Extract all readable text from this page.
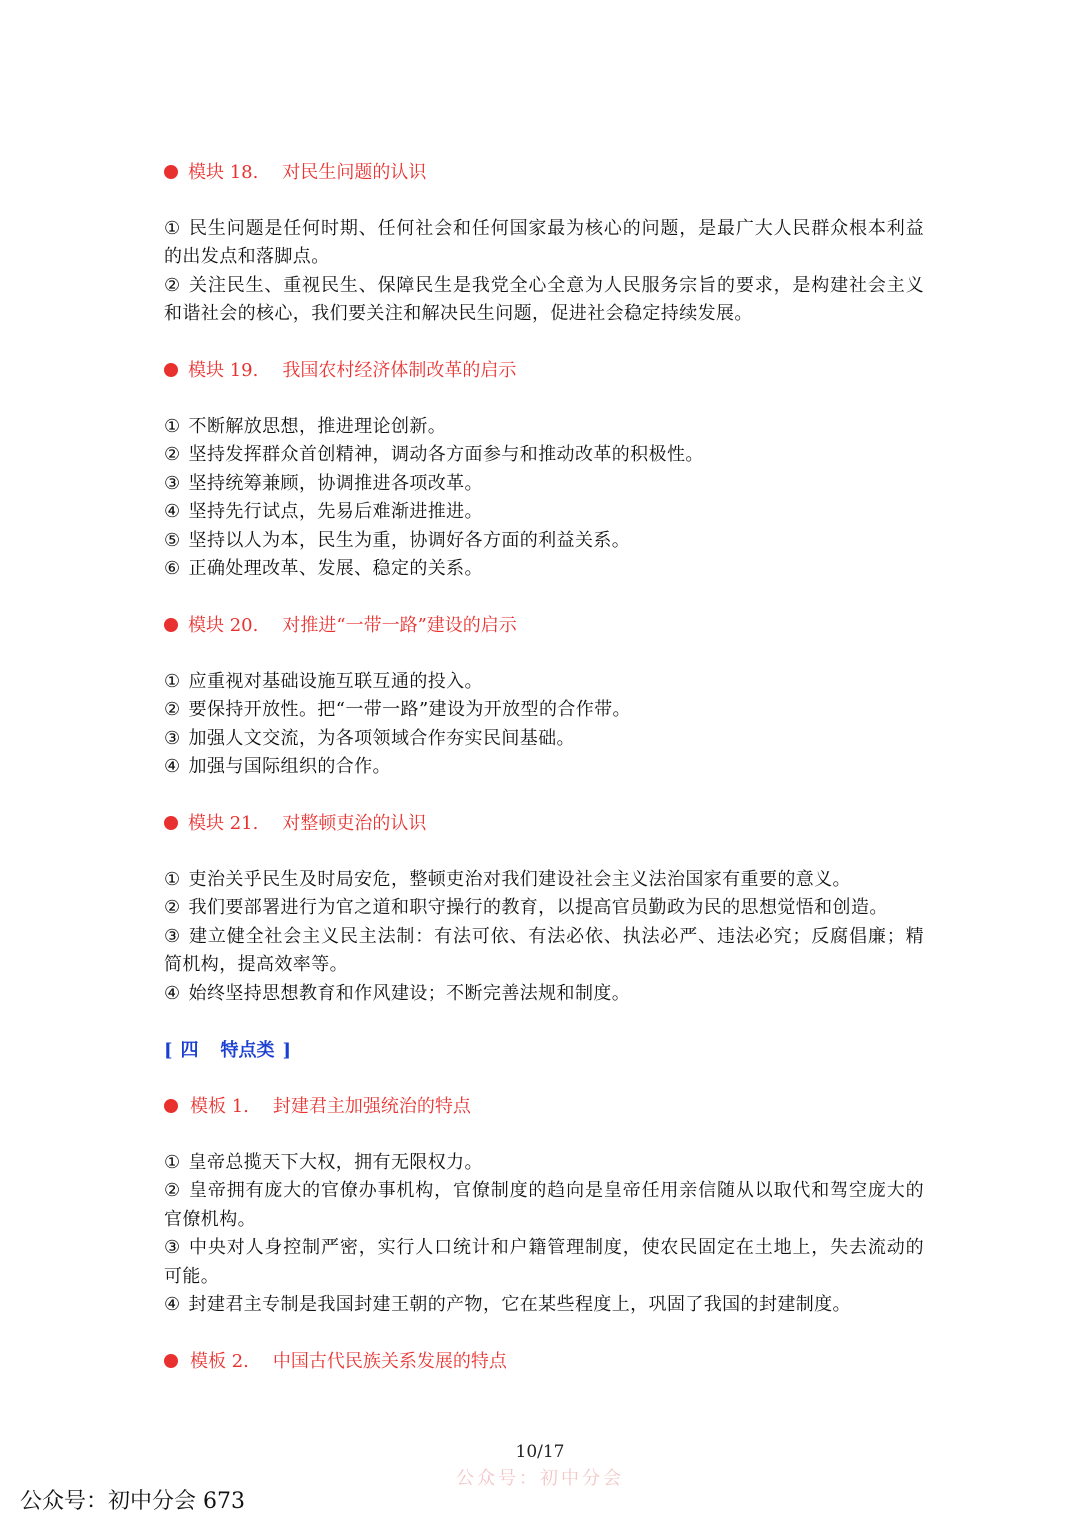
模块 18. 对民生问题的认识
① 民生问题是任何时期、任何社会和任何国家最为核心的问题，是最广大人民群众根本利益的出发点和落脚点。
② 关注民生、重视民生、保障民生是我党全心全意为人民服务宗旨的要求，是构建社会主义和谐社会的核心，我们要关注和解决民生问题，促进社会稳定持续发展。
模块 19. 我国农村经济体制改革的启示
① 不断解放思想，推进理论创新。
② 坚持发挥群众首创精神，调动各方面参与和推动改革的积极性。
③ 坚持统筹兼顾，协调推进各项改革。
④ 坚持先行试点，先易后难渐进推进。
⑤ 坚持以人为本，民生为重，协调好各方面的利益关系。
⑥ 正确处理改革、发展、稳定的关系。
模块 20. 对推进“一带一路”建设的启示
① 应重视对基础设施互联互通的投入。
② 要保持开放性。把“一带一路”建设为开放型的合作带。
③ 加强人文交流，为各项领域合作夯实民间基础。
④ 加强与国际组织的合作。
模块 21. 对整顿吏治的认识
① 吏治关乎民生及时局安危，整顿吏治对我们建设社会主义法治国家有重要的意义。
② 我们要部署进行为官之道和职守操行的教育，以提高官员勤政为民的思想觉悟和创造。
③ 建立健全社会主义民主法制：有法可依、有法必依、执法必严、违法必究；反腐倡廉；精简机构，提高效率等。
④ 始终坚持思想教育和作风建设；不断完善法规和制度。
[ 四 特点类 ]
模板 1. 封建君主加强统治的特点
① 皇帝总揽天下大权，拥有无限权力。
② 皇帝拥有庞大的官僚办事机构，官僚制度的趋向是皇帝任用亲信随从以取代和驾空庞大的官僚机构。
③ 中央对人身控制严密，实行人口统计和户籍管理制度，使农民固定在土地上，失去流动的可能。
④ 封建君主专制是我国封建王朝的产物，它在某些程度上，巩固了我国的封建制度。
模板 2. 中国古代民族关系发展的特点
10/17
公众号：初中分会
公众号：初中分会 673
